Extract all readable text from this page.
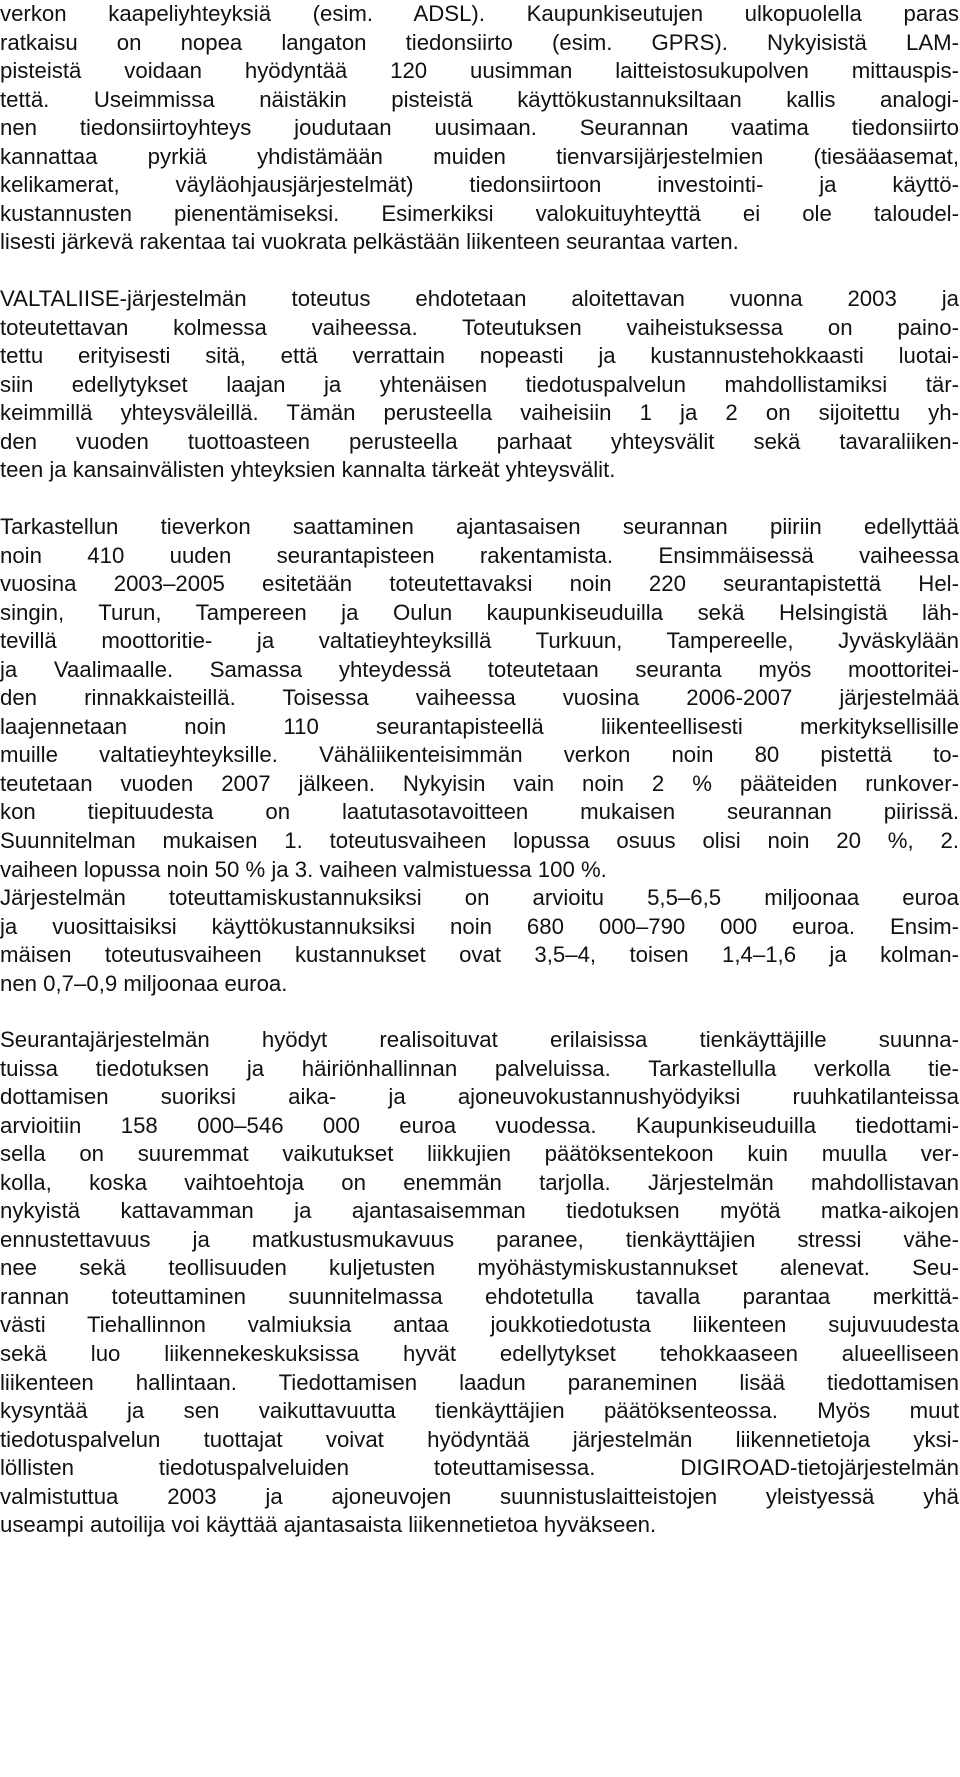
verkon kaapeliyhteyksiä (esim. ADSL). Kaupunkiseutujen ulkopuolella paras

ratkaisu on nopea langaton tiedonsiirto (esim. GPRS). Nykyisistä LAM-

pisteistä voidaan hyödyntää 120 uusimman laitteistosukupolven mittauspis-

tettä. Useimmissa näistäkin pisteistä käyttökustannuksiltaan kallis analogi-

nen tiedonsiirtoyhteys joudutaan uusimaan. Seurannan vaatima tiedonsiirto

kannattaa pyrkiä yhdistämään muiden tienvarsijärjestelmien (tiesääasemat,

kelikamerat, väyläohjausjärjestelmät) tiedonsiirtoon investointi- ja käyttö-

kustannusten pienentämiseksi. Esimerkiksi valokuituyhteyttä ei ole taloudel-

lisesti järkevä rakentaa tai vuokrata pelkästään liikenteen seurantaa varten.

VALTALIISE-järjestelmän toteutus ehdotetaan aloitettavan vuonna 2003 ja

toteutettavan kolmessa vaiheessa. Toteutuksen vaiheistuksessa on paino-

tettu erityisesti sitä, että verrattain nopeasti ja kustannustehokkaasti luotai-

siin edellytykset laajan ja yhtenäisen tiedotuspalvelun mahdollistamiksi tär-

keimmillä yhteysväleillä. Tämän perusteella vaiheisiin 1 ja 2 on sijoitettu yh-

den vuoden tuottoasteen perusteella parhaat yhteysvälit sekä tavaraliiken-

teen ja kansainvälisten yhteyksien kannalta tärkeät yhteysvälit.

Tarkastellun tieverkon saattaminen ajantasaisen seurannan piiriin edellyttää

noin 410 uuden seurantapisteen rakentamista. Ensimmäisessä vaiheessa

vuosina 2003–2005 esitetään toteutettavaksi noin 220 seurantapistettä Hel-

singin, Turun, Tampereen ja Oulun kaupunkiseuduilla sekä Helsingistä läh-

tevillä moottoritie- ja valtatieyhteyksillä Turkuun, Tampereelle, Jyväskylään

ja Vaalimaalle. Samassa yhteydessä toteutetaan seuranta myös moottoritei-

den rinnakkaisteillä. Toisessa vaiheessa vuosina 2006-2007 järjestelmää

laajennetaan noin 110 seurantapisteellä liikenteellisesti merkityksellisille

muille valtatieyhteyksille. Vähäliikenteisimmän verkon noin 80 pistettä to-

teutetaan vuoden 2007 jälkeen. Nykyisin vain noin 2 % pääteiden runkover-

kon tiepituudesta on laatutasotavoitteen mukaisen seurannan piirissä.

Suunnitelman mukaisen 1. toteutusvaiheen lopussa osuus olisi noin 20 %, 2.

vaiheen lopussa noin 50 % ja 3. vaiheen valmistuessa 100 %.

Järjestelmän toteuttamiskustannuksiksi on arvioitu 5,5–6,5 miljoonaa euroa

ja vuosittaisiksi käyttökustannuksiksi noin 680 000–790 000 euroa. Ensim-

mäisen toteutusvaiheen kustannukset ovat 3,5–4, toisen 1,4–1,6 ja kolman-

nen 0,7–0,9 miljoonaa euroa.

Seurantajärjestelmän hyödyt realisoituvat erilaisissa tienkäyttäjille suunna-

tuissa tiedotuksen ja häiriönhallinnan palveluissa. Tarkastellulla verkolla tie-

dottamisen suoriksi aika- ja ajoneuvokustannushyödyiksi ruuhkatilanteissa

arvioitiin 158 000–546 000 euroa vuodessa. Kaupunkiseuduilla tiedottami-

sella on suuremmat vaikutukset liikkujien päätöksentekoon kuin muulla ver-

kolla, koska vaihtoehtoja on enemmän tarjolla. Järjestelmän mahdollistavan

nykyistä kattavamman ja ajantasaisemman tiedotuksen myötä matka-aikojen

ennustettavuus ja matkustusmukavuus paranee, tienkäyttäjien stressi vähe-

nee sekä teollisuuden kuljetusten myöhästymiskustannukset alenevat. Seu-

rannan toteuttaminen suunnitelmassa ehdotetulla tavalla parantaa merkittä-

västi Tiehallinnon valmiuksia antaa joukkotiedotusta liikenteen sujuvuudesta

sekä luo liikennekeskuksissa hyvät edellytykset tehokkaaseen alueelliseen

liikenteen hallintaan. Tiedottamisen laadun paraneminen lisää tiedottamisen

kysyntää ja sen vaikuttavuutta tienkäyttäjien päätöksenteossa. Myös muut

tiedotuspalvelun tuottajat voivat hyödyntää järjestelmän liikennetietoja yksi-

löllisten tiedotuspalveluiden toteuttamisessa. DIGIROAD-tietojärjestelmän

valmistuttua 2003 ja ajoneuvojen suunnistuslaitteistojen yleistyessä yhä

useampi autoilija voi käyttää ajantasaista liikennetietoa hyväkseen.
